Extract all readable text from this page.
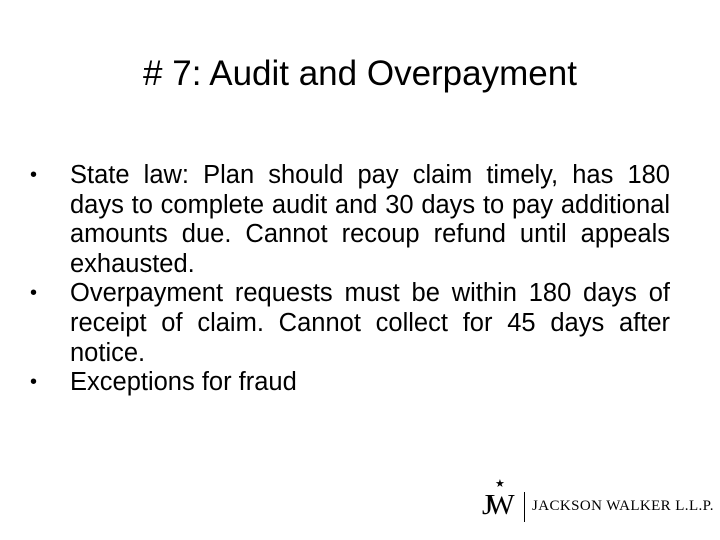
# 7: Audit and Overpayment
•	State law: Plan should pay claim timely, has 180 days to complete audit and 30 days to pay additional amounts due. Cannot recoup refund until appeals exhausted.
•	Overpayment requests must be within 180 days of receipt of claim. Cannot collect for 45 days after notice.
•	Exceptions for fraud
★
JW JACKSON WALKER L.L.P.
